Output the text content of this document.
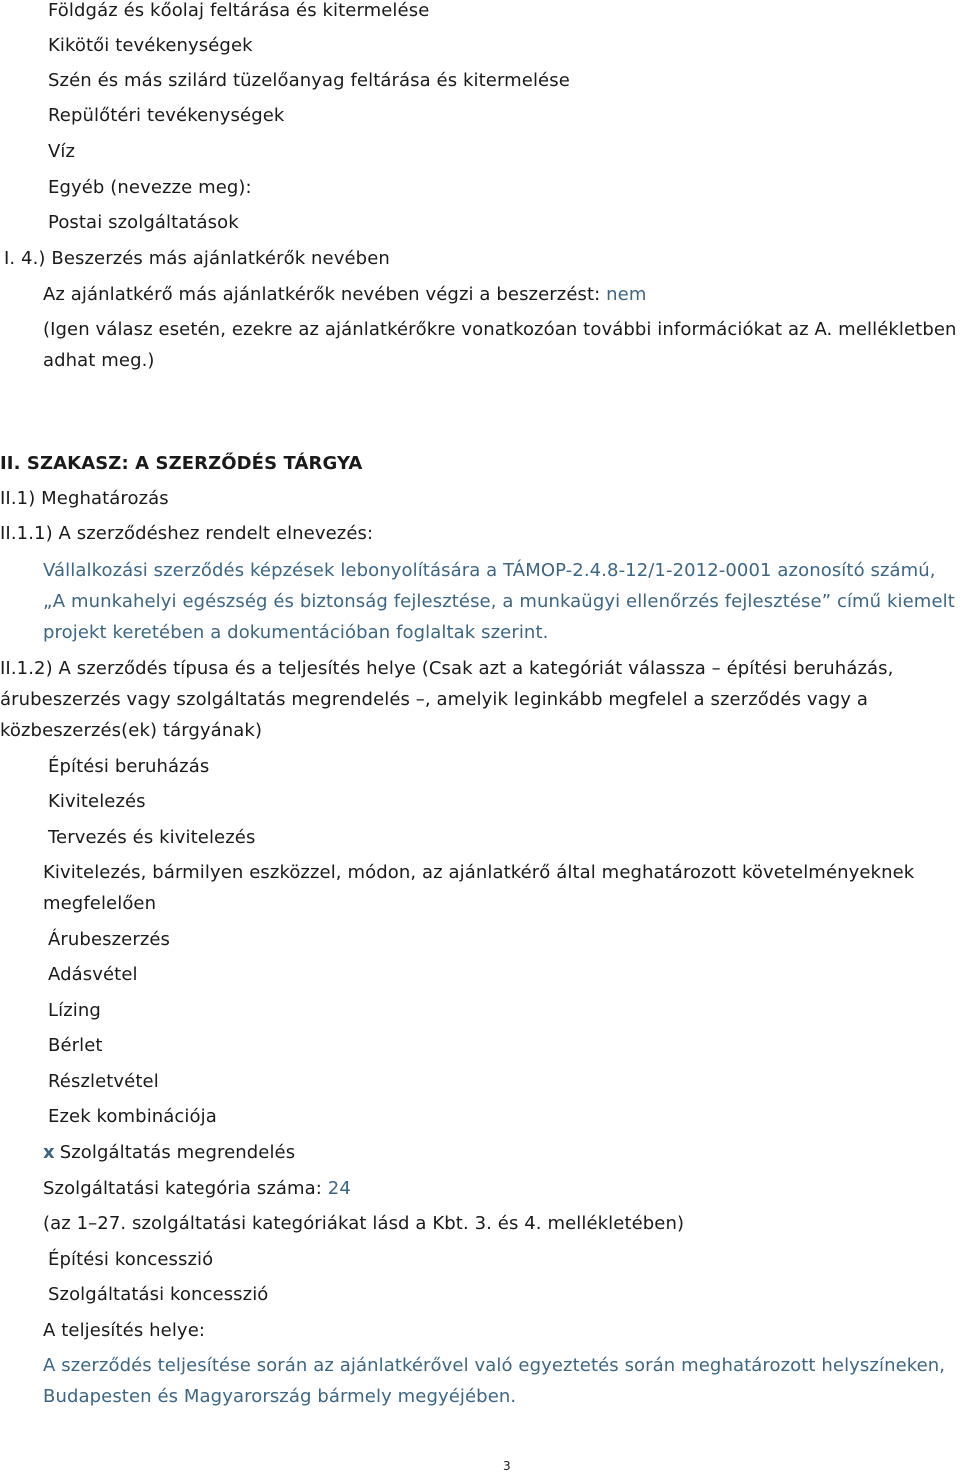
Földgáz és kőolaj feltárása és kitermelése
Kikötői tevékenységek
Szén és más szilárd tüzelőanyag feltárása és kitermelése
Repülőtéri tevékenységek
Víz
Egyéb (nevezze meg):
Postai szolgáltatások
I. 4.) Beszerzés más ajánlatkérők nevében
Az ajánlatkérő más ajánlatkérők nevében végzi a beszerzést: nem
(Igen válasz esetén, ezekre az ajánlatkérőkre vonatkozóan további információkat az A. mellékletben
adhat meg.)
II. SZAKASZ: A SZERZŐDÉS TÁRGYA
II.1) Meghatározás
II.1.1) A szerződéshez rendelt elnevezés:
Vállalkozási szerződés képzések lebonyolítására a TÁMOP-2.4.8-12/1-2012-0001 azonosító számú,
„A munkahelyi egészség és biztonság fejlesztése, a munkaügyi ellenőrzés fejlesztése” című kiemelt
projekt keretében a dokumentációban foglaltak szerint.
II.1.2) A szerződés típusa és a teljesítés helye (Csak azt a kategóriát válassza – építési beruházás,
árubeszerzés vagy szolgáltatás megrendelés –, amelyik leginkább megfelel a szerződés vagy a
közbeszerzés(ek) tárgyának)
Építési beruházás
Kivitelezés
Tervezés és kivitelezés
Kivitelezés, bármilyen eszközzel, módon, az ajánlatkérő által meghatározott követelményeknek
megfelelően
Árubeszerzés
Adásvétel
Lízing
Bérlet
Részletvétel
Ezek kombinációja
x Szolgáltatás megrendelés
Szolgáltatási kategória száma: 24
(az 1–27. szolgáltatási kategóriákat lásd a Kbt. 3. és 4. mellékletében)
Építési koncesszió
Szolgáltatási koncesszió
A teljesítés helye:
A szerződés teljesítése során az ajánlatkérővel való egyeztetés során meghatározott helyszíneken,
Budapesten és Magyarország bármely megyéjében.
3
